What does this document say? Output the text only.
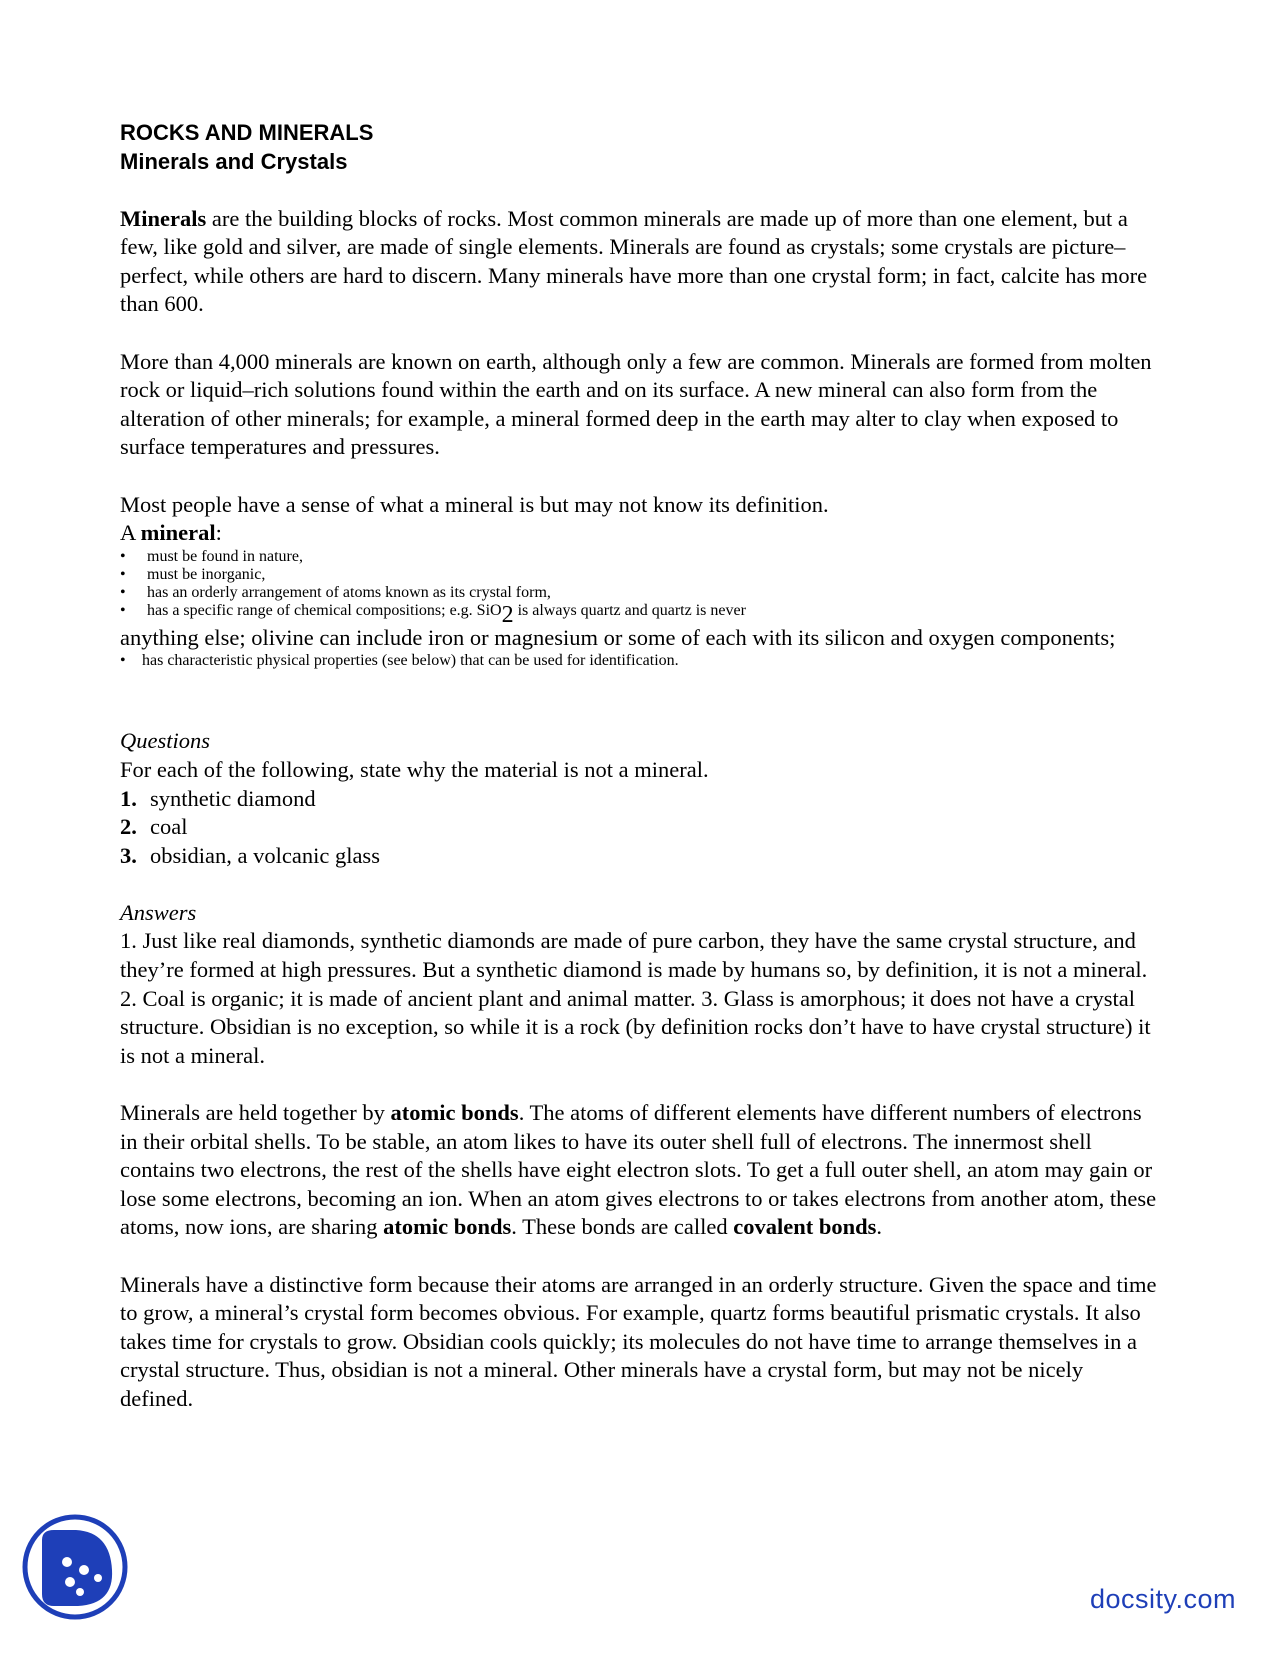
ROCKS AND MINERALS
Minerals and Crystals

Minerals are the building blocks of rocks. Most common minerals are made up of more than one element, but a few, like gold and silver, are made of single elements. Minerals are found as crystals; some crystals are picture–perfect, while others are hard to discern. Many minerals have more than one crystal form; in fact, calcite has more than 600.

More than 4,000 minerals are known on earth, although only a few are common. Minerals are formed from molten rock or liquid–rich solutions found within the earth and on its surface. A new mineral can also form from the alteration of other minerals; for example, a mineral formed deep in the earth may alter to clay when exposed to surface temperatures and pressures.

Most people have a sense of what a mineral is but may not know its definition.

A mineral:

•	must be found in nature,
•	must be inorganic,
•	has an orderly arrangement of atoms known as its crystal form,
•	has a specific range of chemical compositions; e.g. SiO$_2$ is always quartz and quartz is never

anything else; olivine can include iron or magnesium or some of each with its silicon and oxygen components;

•	has characteristic physical properties (see below) that can be used for identification.

Questions

For each of the following, state why the material is not a mineral.

1. synthetic diamond

2. coal

3. obsidian, a volcanic glass

Answers

1. Just like real diamonds, synthetic diamonds are made of pure carbon, they have the same crystal structure, and they’re formed at high pressures. But a synthetic diamond is made by humans so, by definition, it is not a mineral. 2. Coal is organic; it is made of ancient plant and animal matter. 3. Glass is amorphous; it does not have a crystal structure. Obsidian is no exception, so while it is a rock (by definition rocks don’t have to have crystal structure) it is not a mineral.

Minerals are held together by atomic bonds. The atoms of different elements have different numbers of electrons in their orbital shells. To be stable, an atom likes to have its outer shell full of electrons. The innermost shell contains two electrons, the rest of the shells have eight electron slots. To get a full outer shell, an atom may gain or lose some electrons, becoming an ion. When an atom gives electrons to or takes electrons from another atom, these atoms, now ions, are sharing atomic bonds. These bonds are called covalent bonds.

Minerals have a distinctive form because their atoms are arranged in an orderly structure. Given the space and time to grow, a mineral’s crystal form becomes obvious. For example, quartz forms beautiful prismatic crystals. It also takes time for crystals to grow. Obsidian cools quickly; its molecules do not have time to arrange themselves in a crystal structure. Thus, obsidian is not a mineral. Other minerals have a crystal form, but may not be nicely defined.

docsity.com
